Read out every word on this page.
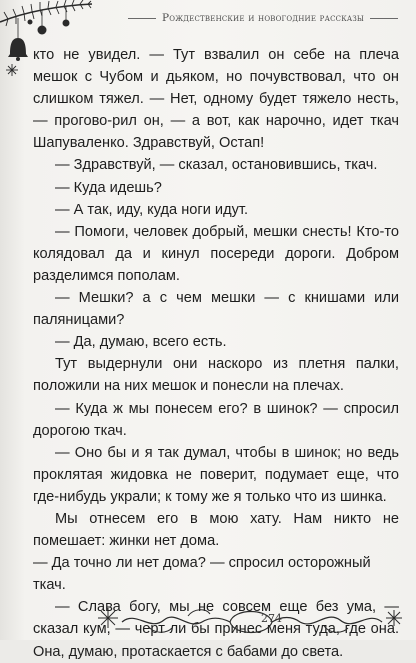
Рождественские и новогодние рассказы

кто не увидел. — Тут взвалил он себе на плеча мешок с Чубом и дьяком, но почувствовал, что он слишком тяжел. — Нет, одному будет тяжело несть, — прогово-рил он, — а вот, как нарочно, идет ткач Шапуваленко. Здравствуй, Остап!

— Здравствуй, — сказал, остановившись, ткач.

— Куда идешь?

— А так, иду, куда ноги идут.

— Помоги, человек добрый, мешки снесть! Кто-то колядовал да и кинул посереди дороги. Добром разделимся пополам.

— Мешки? а с чем мешки — с книшами или паляницами?

— Да, думаю, всего есть.

Тут выдернули они наскоро из плетня палки, положили на них мешок и понесли на плечах.

— Куда ж мы понесем его? в шинок? — спросил дорогою ткач.

— Оно бы и я так думал, чтобы в шинок; но ведь проклятая жидовка не поверит, подумает еще, что где-нибудь украли; к тому же я только что из шинка.

Мы отнесем его в мою хату. Нам никто не помешает: жинки нет дома.

— Да точно ли нет дома? — спросил осторожный

ткач.

— Слава богу, мы не совсем еще без ума, — сказал кум, — черт ли бы принес меня туда, где она. Она, думаю, протаскается с бабами до света.

274
